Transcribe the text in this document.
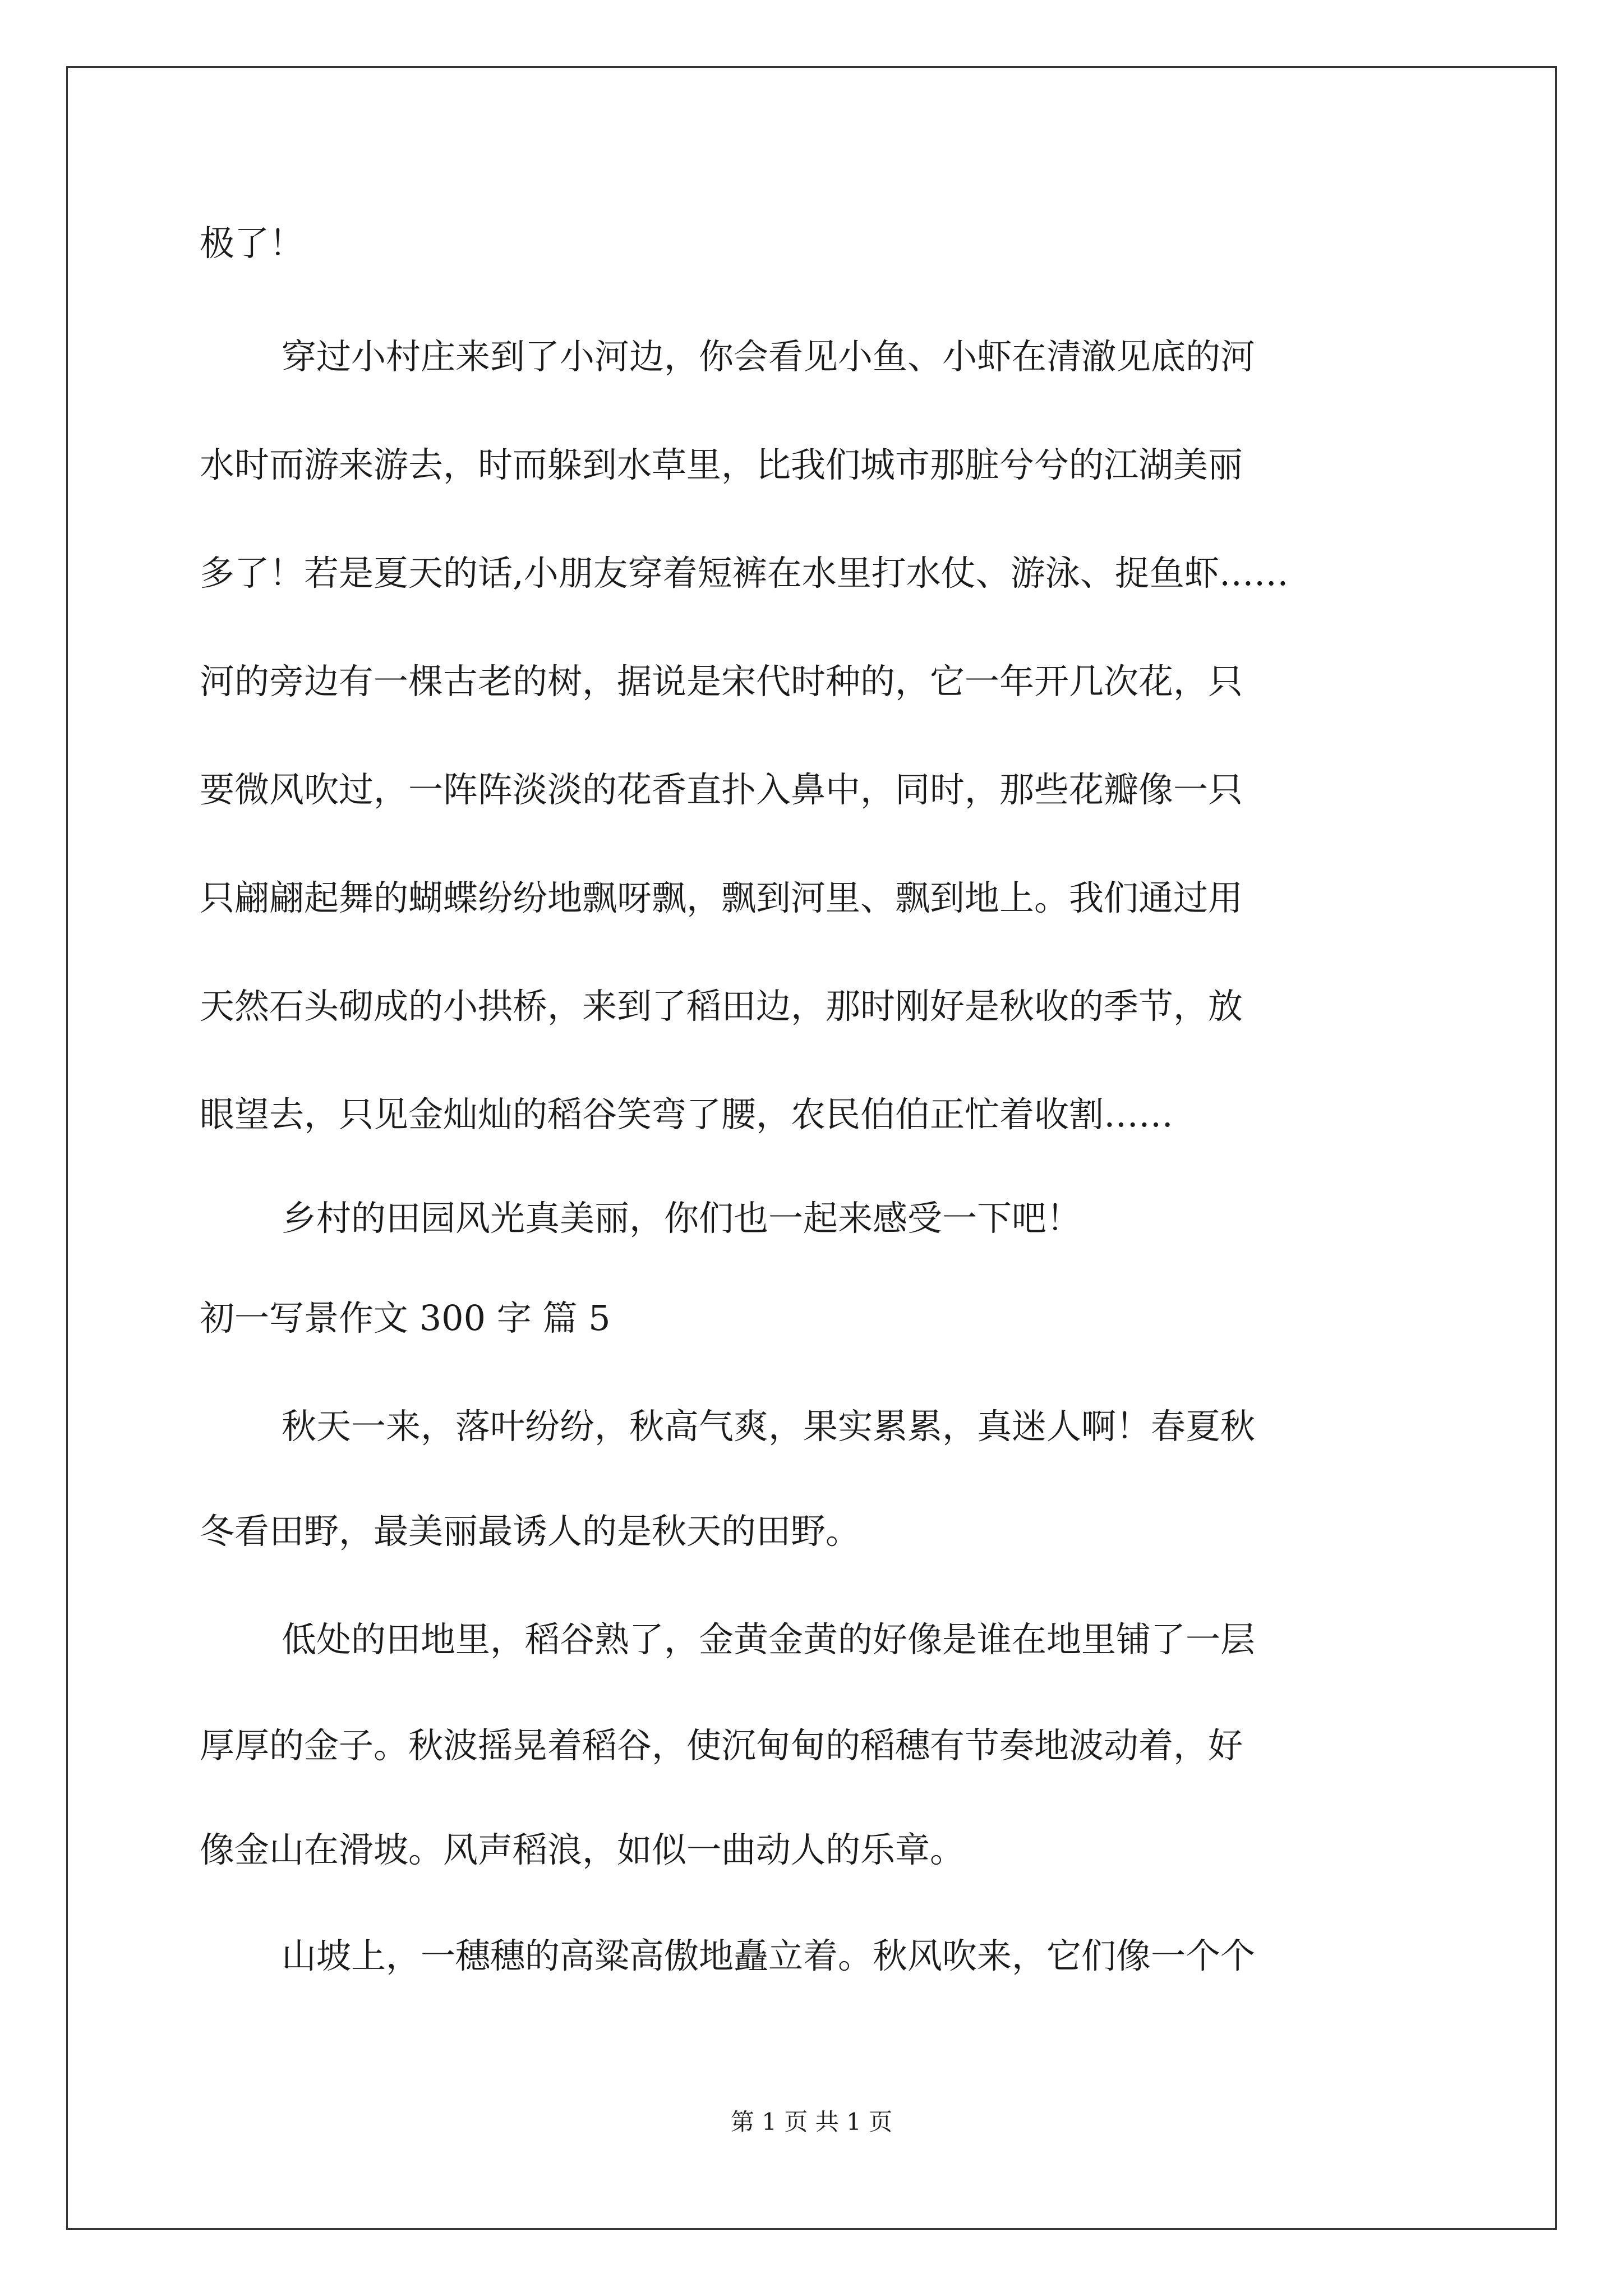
极了！
穿过小村庄来到了小河边，你会看见小鱼、小虾在清澈见底的河
水时而游来游去，时而躲到水草里，比我们城市那脏兮兮的江湖美丽
多了！若是夏天的话,小朋友穿着短裤在水里打水仗、游泳、捉鱼虾……
河的旁边有一棵古老的树，据说是宋代时种的，它一年开几次花，只
要微风吹过，一阵阵淡淡的花香直扑入鼻中，同时，那些花瓣像一只
只翩翩起舞的蝴蝶纷纷地飘呀飘，飘到河里、飘到地上。我们通过用
天然石头砌成的小拱桥，来到了稻田边，那时刚好是秋收的季节，放
眼望去，只见金灿灿的稻谷笑弯了腰，农民伯伯正忙着收割……
乡村的田园风光真美丽，你们也一起来感受一下吧！
初一写景作文 300 字 篇 5
秋天一来，落叶纷纷，秋高气爽，果实累累，真迷人啊！春夏秋
冬看田野，最美丽最诱人的是秋天的田野。
低处的田地里，稻谷熟了，金黄金黄的好像是谁在地里铺了一层
厚厚的金子。秋波摇晃着稻谷，使沉甸甸的稻穗有节奏地波动着，好
像金山在滑坡。风声稻浪，如似一曲动人的乐章。
山坡上，一穗穗的高粱高傲地矗立着。秋风吹来，它们像一个个
第 1 页 共 1 页
